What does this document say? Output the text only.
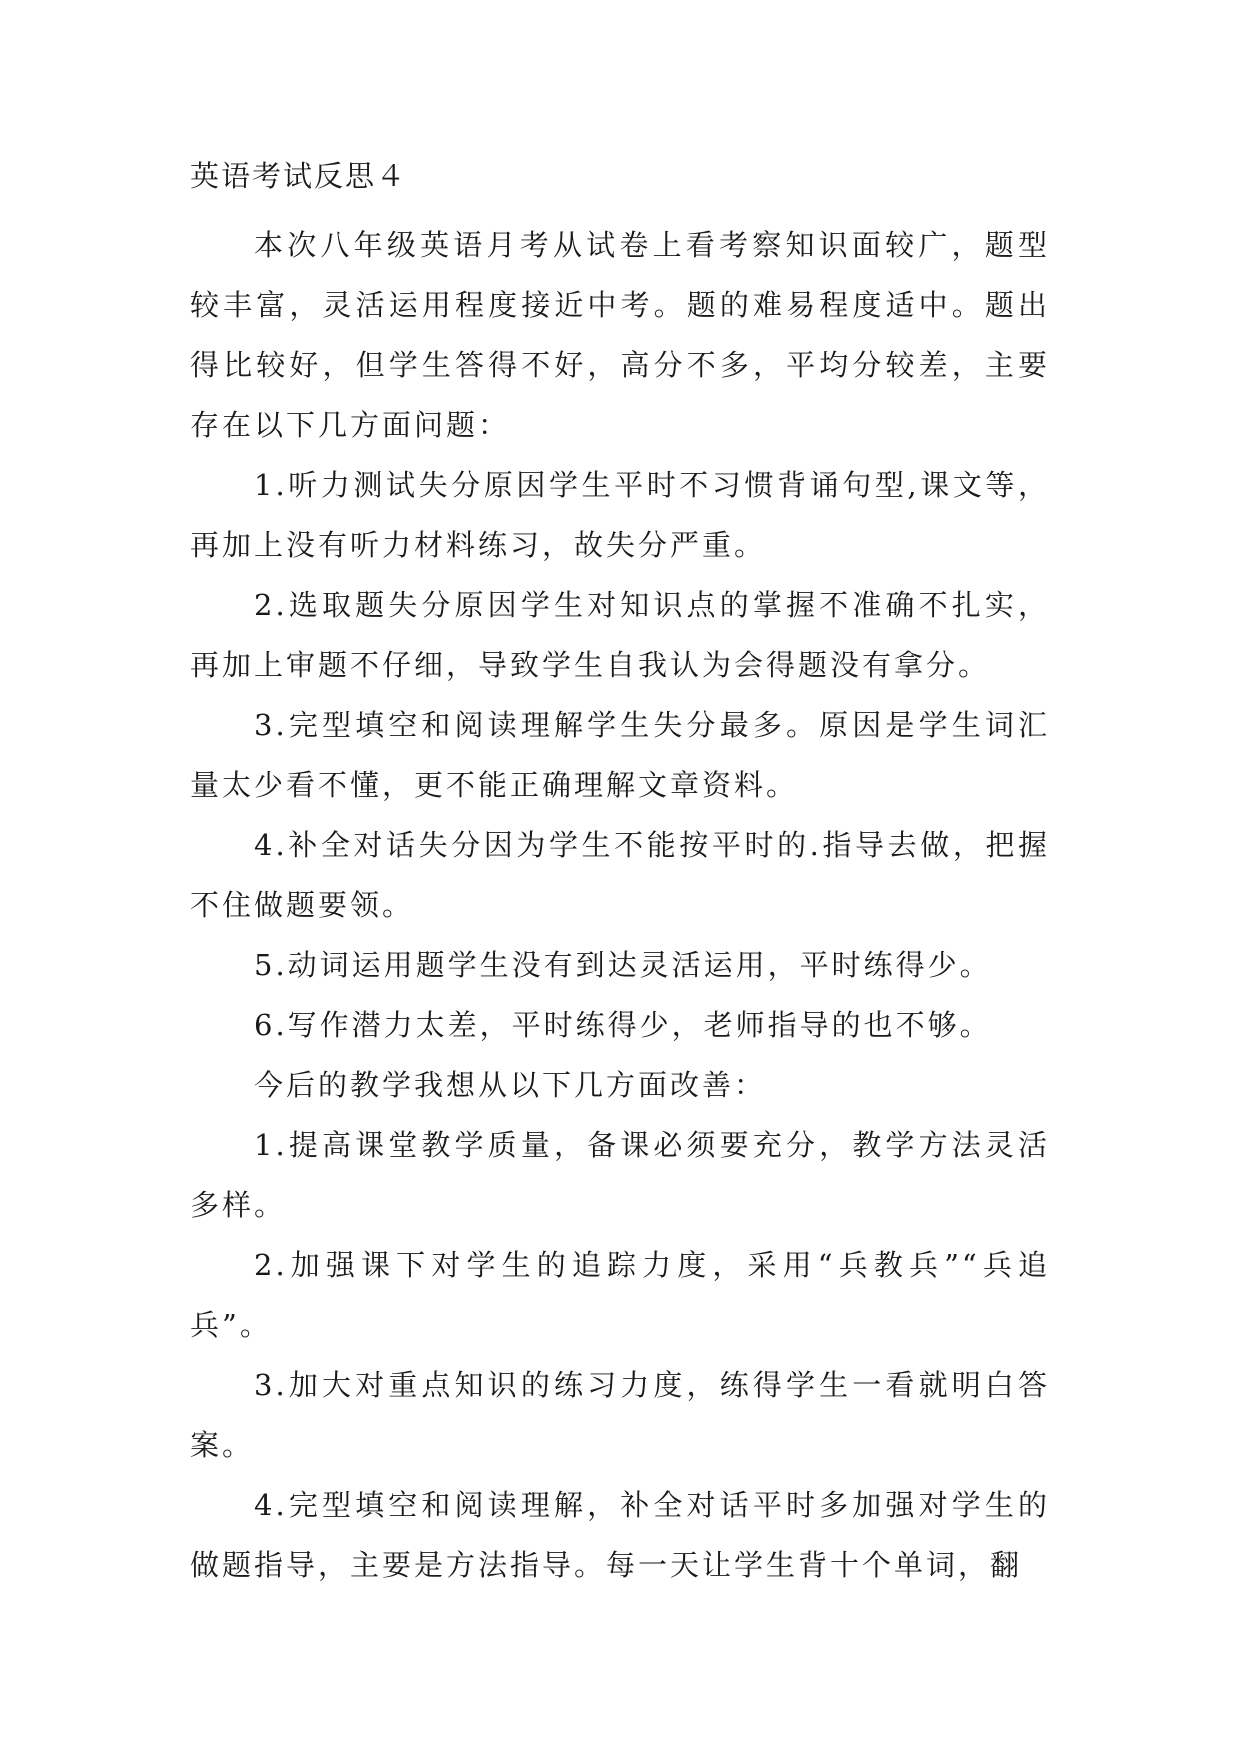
英语考试反思４

本次八年级英语月考从试卷上看考察知识面较广，题型较丰富，灵活运用程度接近中考。题的难易程度适中。题出得比较好，但学生答得不好，高分不多，平均分较差，主要存在以下几方面问题：

1.听力测试失分原因学生平时不习惯背诵句型,课文等，再加上没有听力材料练习，故失分严重。

2.选取题失分原因学生对知识点的掌握不准确不扎实，再加上审题不仔细，导致学生自我认为会得题没有拿分。

3.完型填空和阅读理解学生失分最多。原因是学生词汇量太少看不懂，更不能正确理解文章资料。

4.补全对话失分因为学生不能按平时的.指导去做，把握不住做题要领。

5.动词运用题学生没有到达灵活运用，平时练得少。

6.写作潜力太差，平时练得少，老师指导的也不够。

今后的教学我想从以下几方面改善：

1.提高课堂教学质量，备课必须要充分，教学方法灵活多样。

2.加强课下对学生的追踪力度，采用“兵教兵”“兵追兵”。

3.加大对重点知识的练习力度，练得学生一看就明白答案。

4.完型填空和阅读理解，补全对话平时多加强对学生的做题指导，主要是方法指导。每一天让学生背十个单词，翻
